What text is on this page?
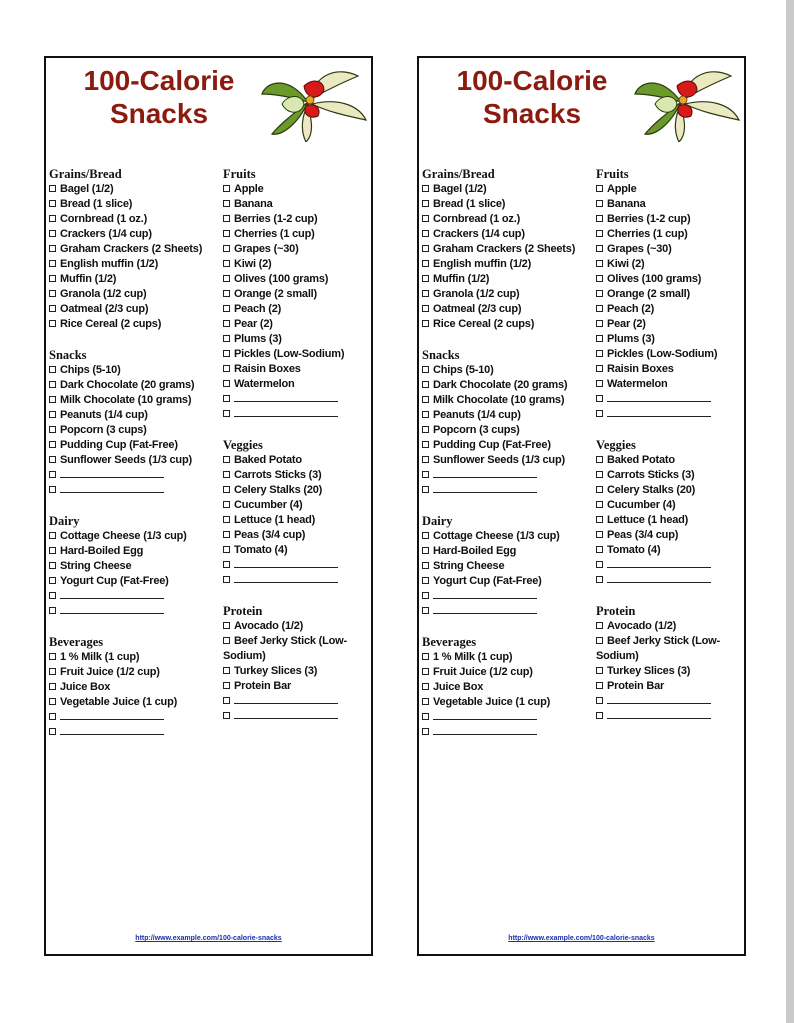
100-Calorie
Snacks
Grains/Bread
Bagel (1/2)
Bread (1 slice)
Cornbread (1 oz.)
Crackers (1/4 cup)
Graham Crackers (2 Sheets)
English muffin (1/2)
Muffin (1/2)
Granola (1/2 cup)
Oatmeal (2/3 cup)
Rice Cereal (2 cups)
Snacks
Chips (5-10)
Dark Chocolate (20 grams)
Milk Chocolate (10 grams)
Peanuts (1/4 cup)
Popcorn (3 cups)
Pudding Cup (Fat-Free)
Sunflower Seeds (1/3 cup)
Dairy
Cottage Cheese (1/3 cup)
Hard-Boiled Egg
String Cheese
Yogurt Cup (Fat-Free)
Beverages
1 % Milk (1 cup)
Fruit Juice (1/2 cup)
Juice Box
Vegetable Juice (1 cup)
Fruits
Apple
Banana
Berries (1-2 cup)
Cherries (1 cup)
Grapes (~30)
Kiwi (2)
Olives (100 grams)
Orange (2 small)
Peach (2)
Pear (2)
Plums (3)
Pickles (Low-Sodium)
Raisin Boxes
Watermelon
Veggies
Baked Potato
Carrots Sticks (3)
Celery Stalks (20)
Cucumber (4)
Lettuce (1 head)
Peas (3/4 cup)
Tomato (4)
Protein
Avocado (1/2)
Beef Jerky Stick (Low-Sodium)
Turkey Slices (3)
Protein Bar
http://www.example.com/100-calorie-snacks
100-Calorie
Snacks
Grains/Bread
Bagel (1/2)
Bread (1 slice)
Cornbread (1 oz.)
Crackers (1/4 cup)
Graham Crackers (2 Sheets)
English muffin (1/2)
Muffin (1/2)
Granola (1/2 cup)
Oatmeal (2/3 cup)
Rice Cereal (2 cups)
Snacks
Chips (5-10)
Dark Chocolate (20 grams)
Milk Chocolate (10 grams)
Peanuts (1/4 cup)
Popcorn (3 cups)
Pudding Cup (Fat-Free)
Sunflower Seeds (1/3 cup)
Dairy
Cottage Cheese (1/3 cup)
Hard-Boiled Egg
String Cheese
Yogurt Cup (Fat-Free)
Beverages
1 % Milk (1 cup)
Fruit Juice (1/2 cup)
Juice Box
Vegetable Juice (1 cup)
Fruits
Apple
Banana
Berries (1-2 cup)
Cherries (1 cup)
Grapes (~30)
Kiwi (2)
Olives (100 grams)
Orange (2 small)
Peach (2)
Pear (2)
Plums (3)
Pickles (Low-Sodium)
Raisin Boxes
Watermelon
Veggies
Baked Potato
Carrots Sticks (3)
Celery Stalks (20)
Cucumber (4)
Lettuce (1 head)
Peas (3/4 cup)
Tomato (4)
Protein
Avocado (1/2)
Beef Jerky Stick (Low-Sodium)
Turkey Slices (3)
Protein Bar
http://www.example.com/100-calorie-snacks
